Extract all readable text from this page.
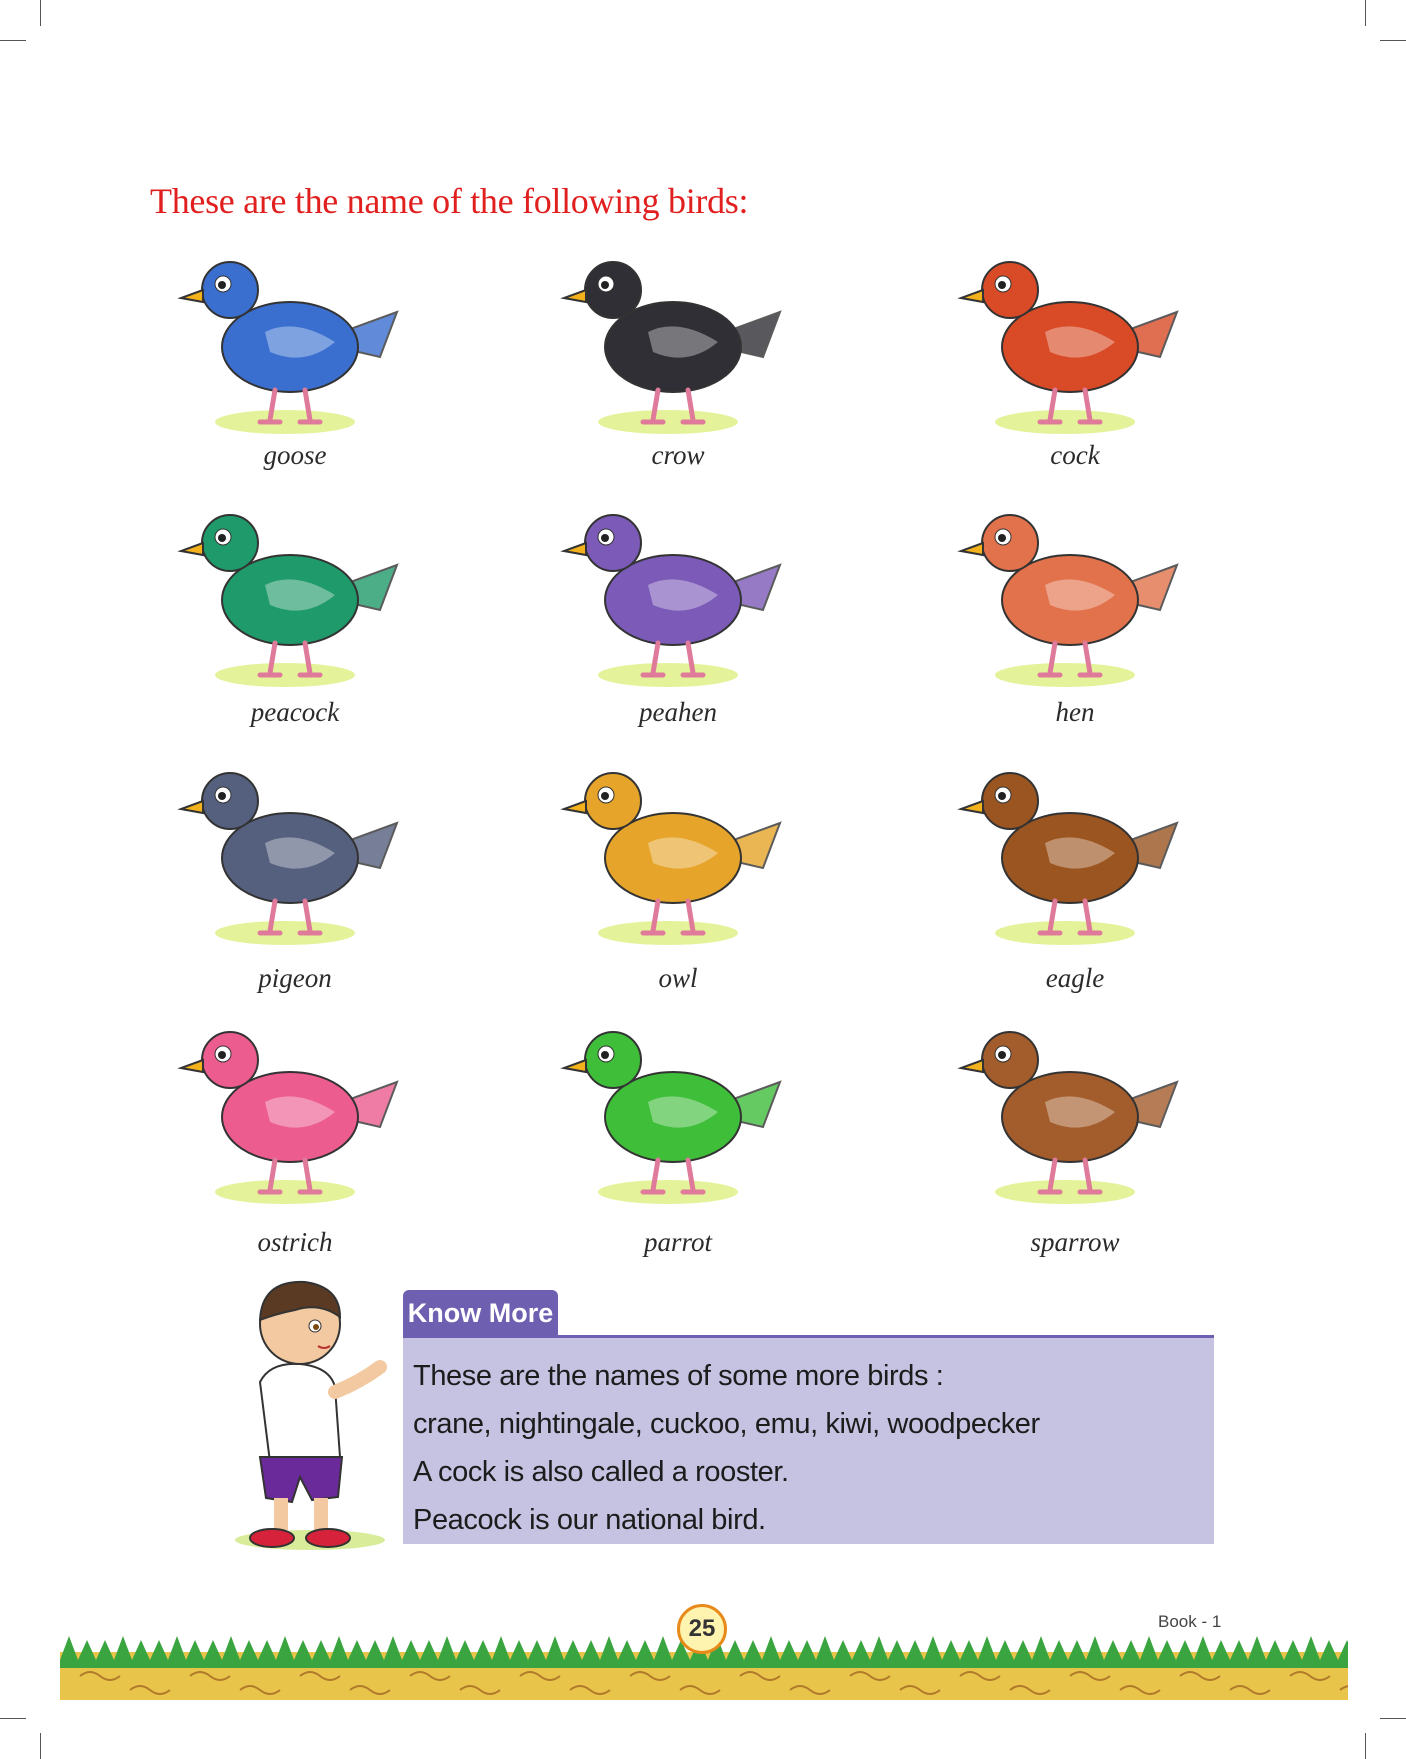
These are the name of the following birds:
goose	crow	cock
peacock	peahen	hen
pigeon	owl	eagle
ostrich	parrot	sparrow
Know More

These are the names of some more birds :

crane, nightingale, cuckoo, emu, kiwi, woodpecker

A cock is also called a rooster.

Peacock is our national bird.

25	Book - 1
